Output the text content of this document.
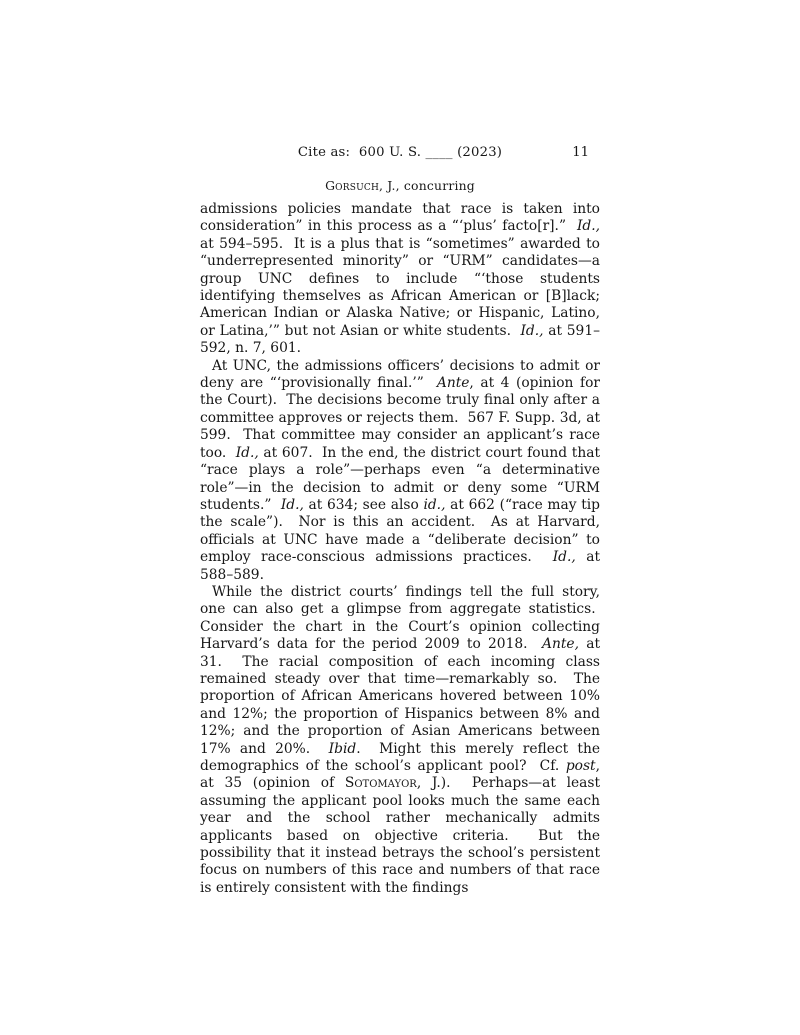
Cite as:  600 U. S. ____ (2023)	11
Gorsuch, J., concurring

admissions policies mandate that race is taken into consideration” in this process as a “‘plus’ facto[r].”  Id., at 594–595.  It is a plus that is “sometimes” awarded to “underrepresented minority” or “URM” candidates—a group UNC defines to include “‘those students identifying themselves as African American or [B]lack; American Indian or Alaska Native; or Hispanic, Latino, or Latina,’” but not Asian or white students.  Id., at 591–592, n. 7, 601.

At UNC, the admissions officers’ decisions to admit or deny are “‘provisionally final.’”  Ante, at 4 (opinion for the Court).  The decisions become truly final only after a committee approves or rejects them.  567 F. Supp. 3d, at 599.  That committee may consider an applicant’s race too.  Id., at 607.  In the end, the district court found that “race plays a role”—perhaps even “a determinative role”—in the decision to admit or deny some “URM students.”  Id., at 634; see also id., at 662 (“race may tip the scale”).  Nor is this an accident.  As at Harvard, officials at UNC have made a “deliberate decision” to employ race-conscious admissions practices.  Id., at 588–589.

While the district courts’ findings tell the full story, one can also get a glimpse from aggregate statistics.  Consider the chart in the Court’s opinion collecting Harvard’s data for the period 2009 to 2018.  Ante, at 31.  The racial composition of each incoming class remained steady over that time—remarkably so.  The proportion of African Americans hovered between 10% and 12%; the proportion of Hispanics between 8% and 12%; and the proportion of Asian Americans between 17% and 20%.  Ibid.  Might this merely reflect the demographics of the school’s applicant pool?  Cf. post, at 35 (opinion of Sotomayor, J.).  Perhaps—at least assuming the applicant pool looks much the same each year and the school rather mechanically admits applicants based on objective criteria.  But the possibility that it instead betrays the school’s persistent focus on numbers of this race and numbers of that race is entirely consistent with the findings
